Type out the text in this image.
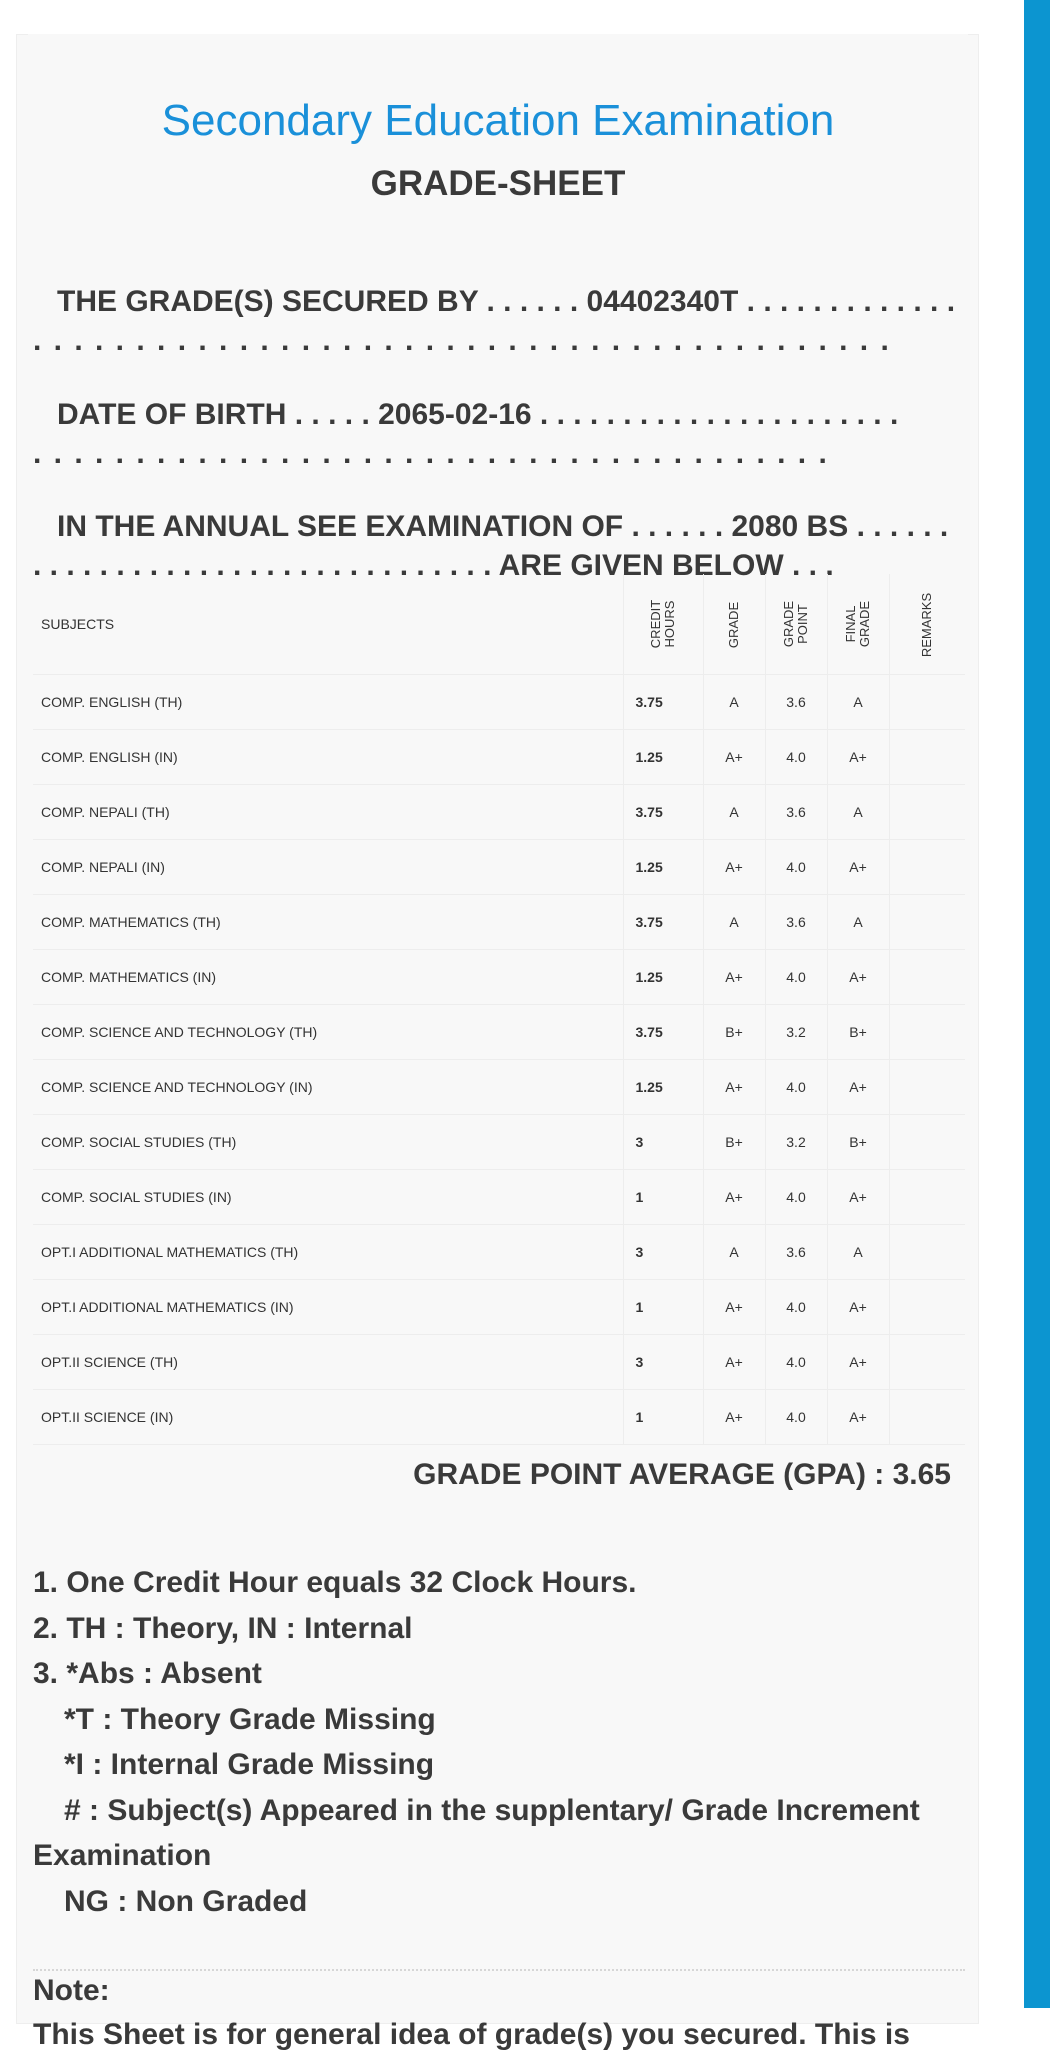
Secondary Education Examination
GRADE-SHEET
THE GRADE(S) SECURED BY . . . . . . 04402340T . . . . . . . . . . . . .
. . . . . . . . . . . . . . . . . . . . . . . . . . . . . . . . . . . . . . . . . .
DATE OF BIRTH . . . . . 2065-02-16 . . . . . . . . . . . . . . . . . . . . . .
. . . . . . . . . . . . . . . . . . . . . . . . . . . . . . . . . . . . . . .
IN THE ANNUAL SEE EXAMINATION OF . . . . . . 2080 BS . . . . . .
. . . . . . . . . . . . . . . . . . . . . . . . . . . . ARE GIVEN BELOW . . .
SUBJECTS	CREDIT HOURS	GRADE	GRADE POINT	FINAL GRADE	REMARKS
COMP. ENGLISH (TH)	3.75	A	3.6	A	
COMP. ENGLISH (IN)	1.25	A+	4.0	A+	
COMP. NEPALI (TH)	3.75	A	3.6	A	
COMP. NEPALI (IN)	1.25	A+	4.0	A+	
COMP. MATHEMATICS (TH)	3.75	A	3.6	A	
COMP. MATHEMATICS (IN)	1.25	A+	4.0	A+	
COMP. SCIENCE AND TECHNOLOGY (TH)	3.75	B+	3.2	B+	
COMP. SCIENCE AND TECHNOLOGY (IN)	1.25	A+	4.0	A+	
COMP. SOCIAL STUDIES (TH)	3	B+	3.2	B+	
COMP. SOCIAL STUDIES (IN)	1	A+	4.0	A+	
OPT.I ADDITIONAL MATHEMATICS (TH)	3	A	3.6	A	
OPT.I ADDITIONAL MATHEMATICS (IN)	1	A+	4.0	A+	
OPT.II SCIENCE (TH)	3	A+	4.0	A+	
OPT.II SCIENCE (IN)	1	A+	4.0	A+	
GRADE POINT AVERAGE (GPA) : 3.65
1. One Credit Hour equals 32 Clock Hours.
2. TH : Theory, IN : Internal
3. *Abs : Absent
*T : Theory Grade Missing
*I : Internal Grade Missing
# : Subject(s) Appeared in the supplentary/ Grade Increment
Examination
NG : Non Graded
Note:
This Sheet is for general idea of grade(s) you secured. This is
